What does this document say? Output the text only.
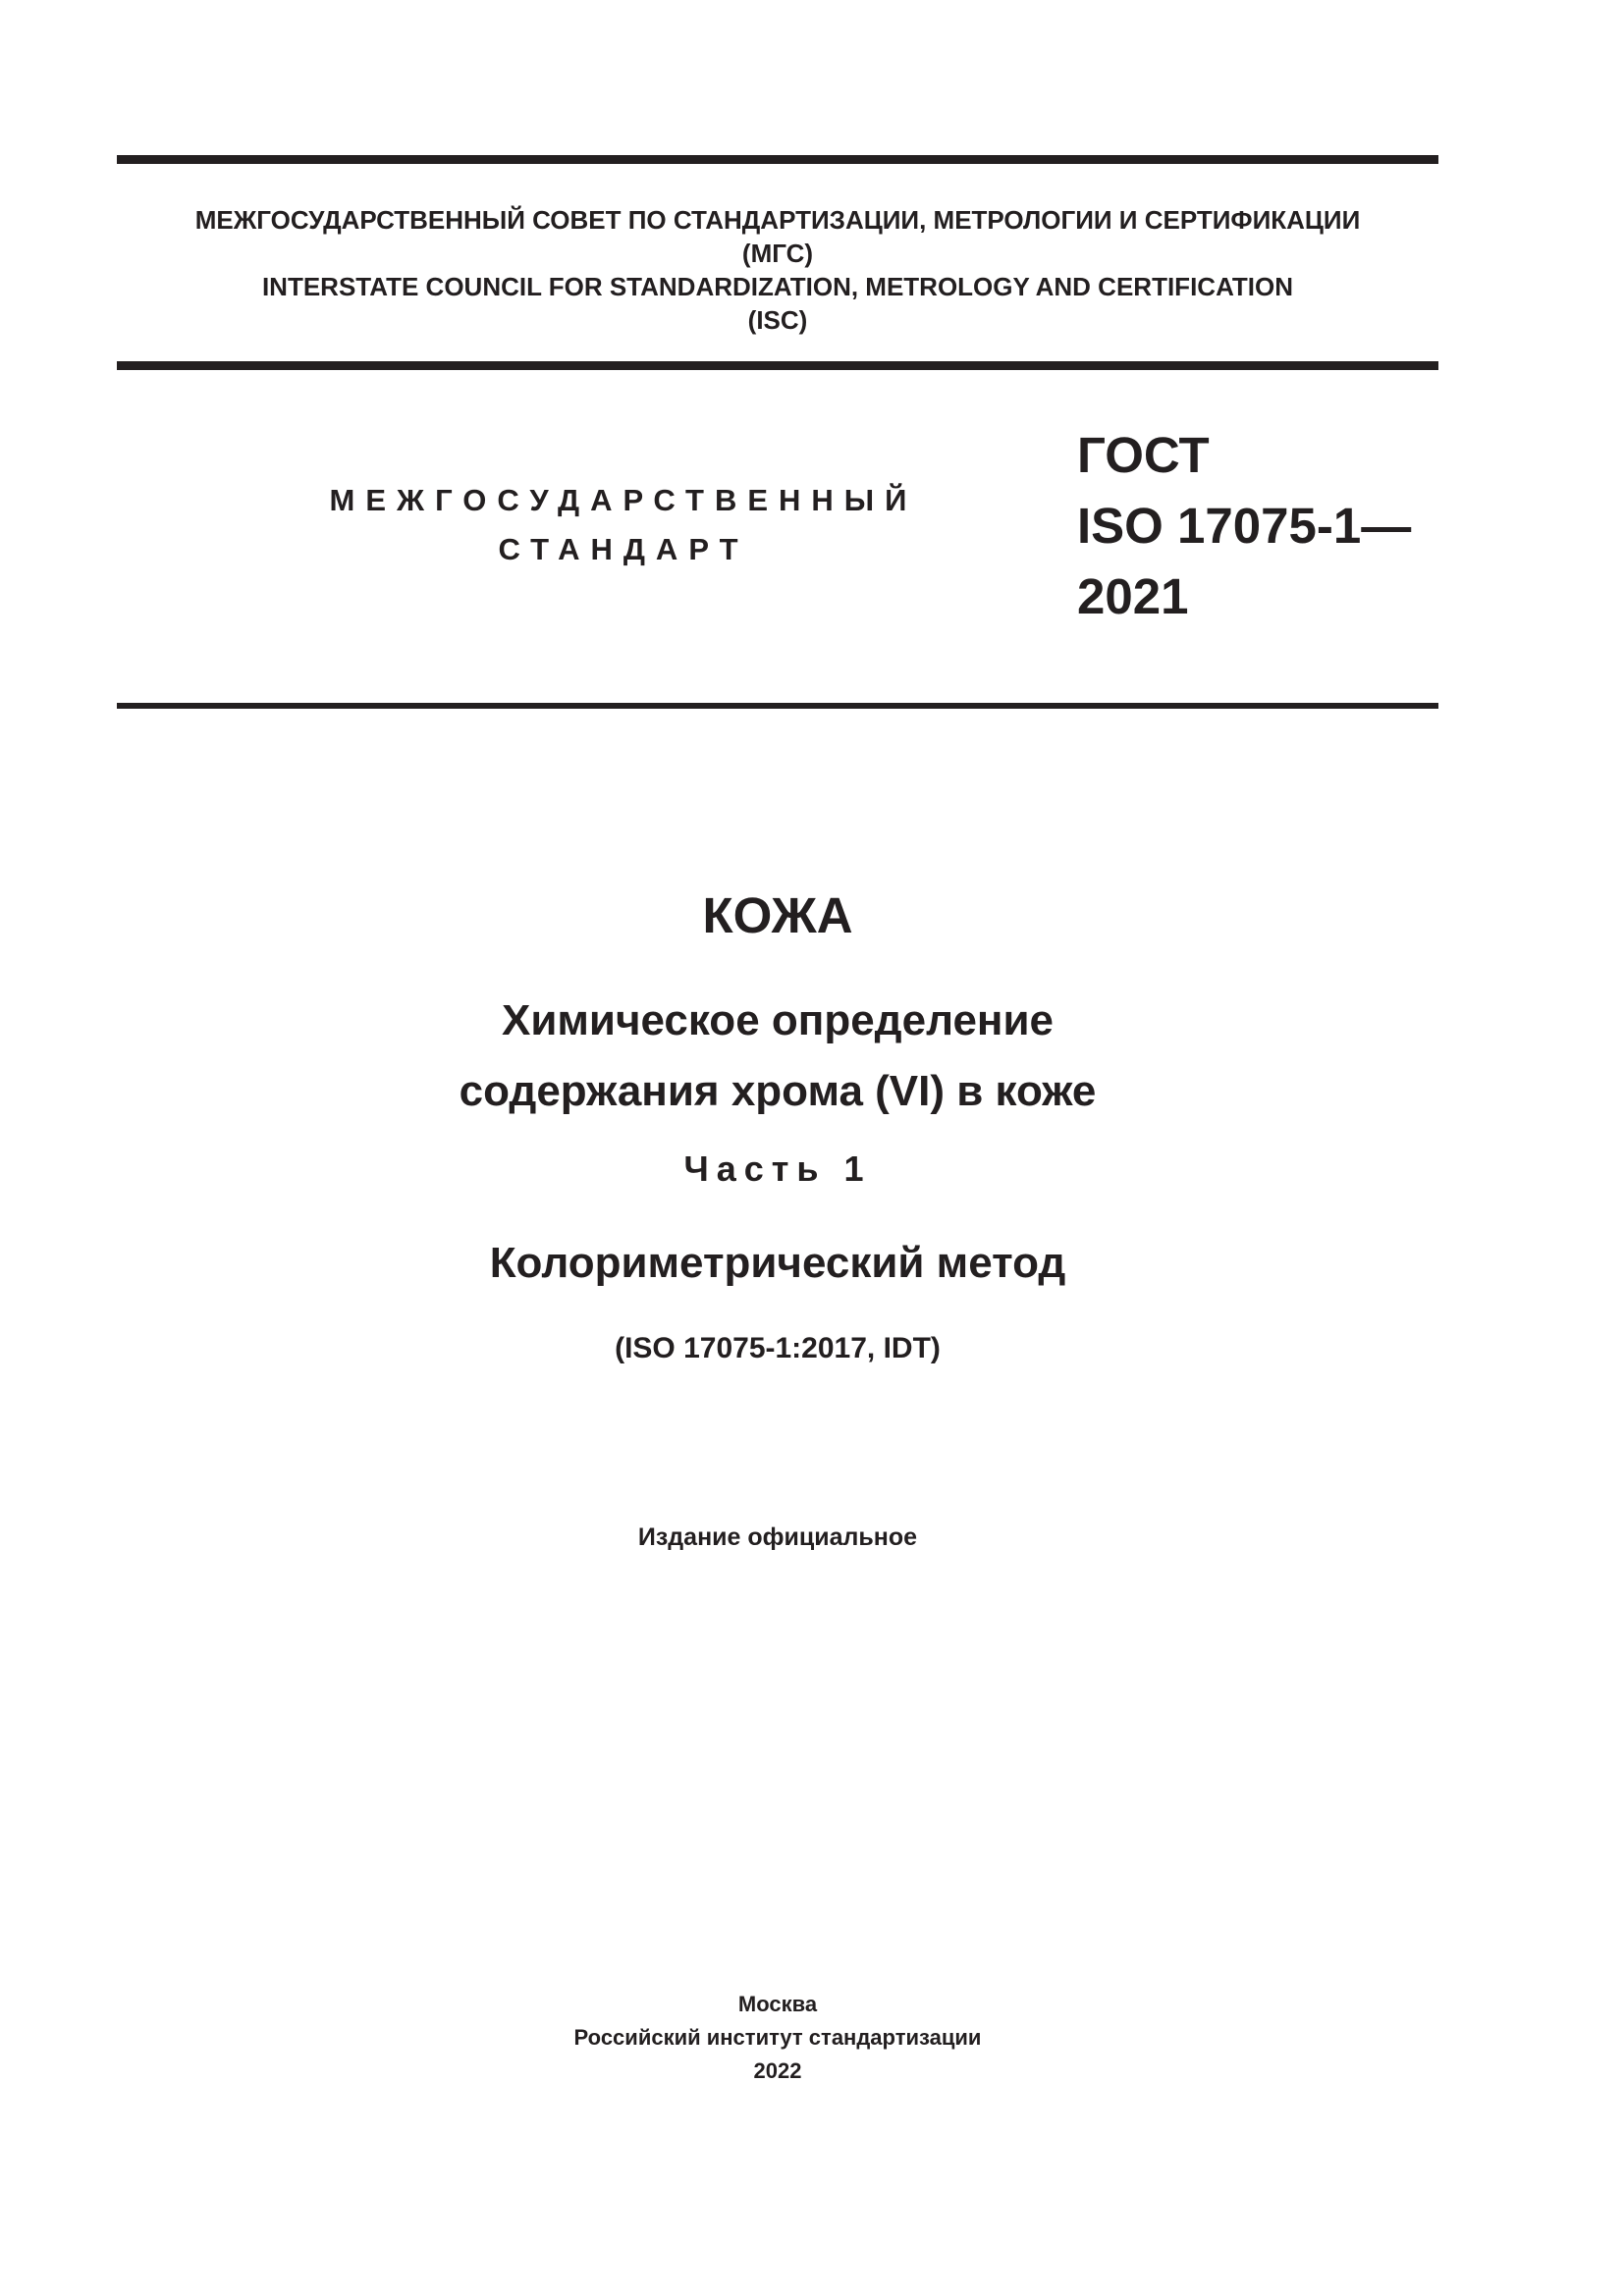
МЕЖГОСУДАРСТВЕННЫЙ СОВЕТ ПО СТАНДАРТИЗАЦИИ, МЕТРОЛОГИИ И СЕРТИФИКАЦИИ
(МГС)
INTERSTATE COUNCIL FOR STANDARDIZATION, METROLOGY AND CERTIFICATION
(ISC)
МЕЖГОСУДАРСТВЕННЫЙ
СТАНДАРТ
ГОСТ
ISO 17075-1—
2021
КОЖА
Химическое определение
содержания хрома (VI) в коже
Часть 1
Колориметрический метод
(ISO 17075-1:2017, IDT)
Издание официальное
Москва
Российский институт стандартизации
2022
